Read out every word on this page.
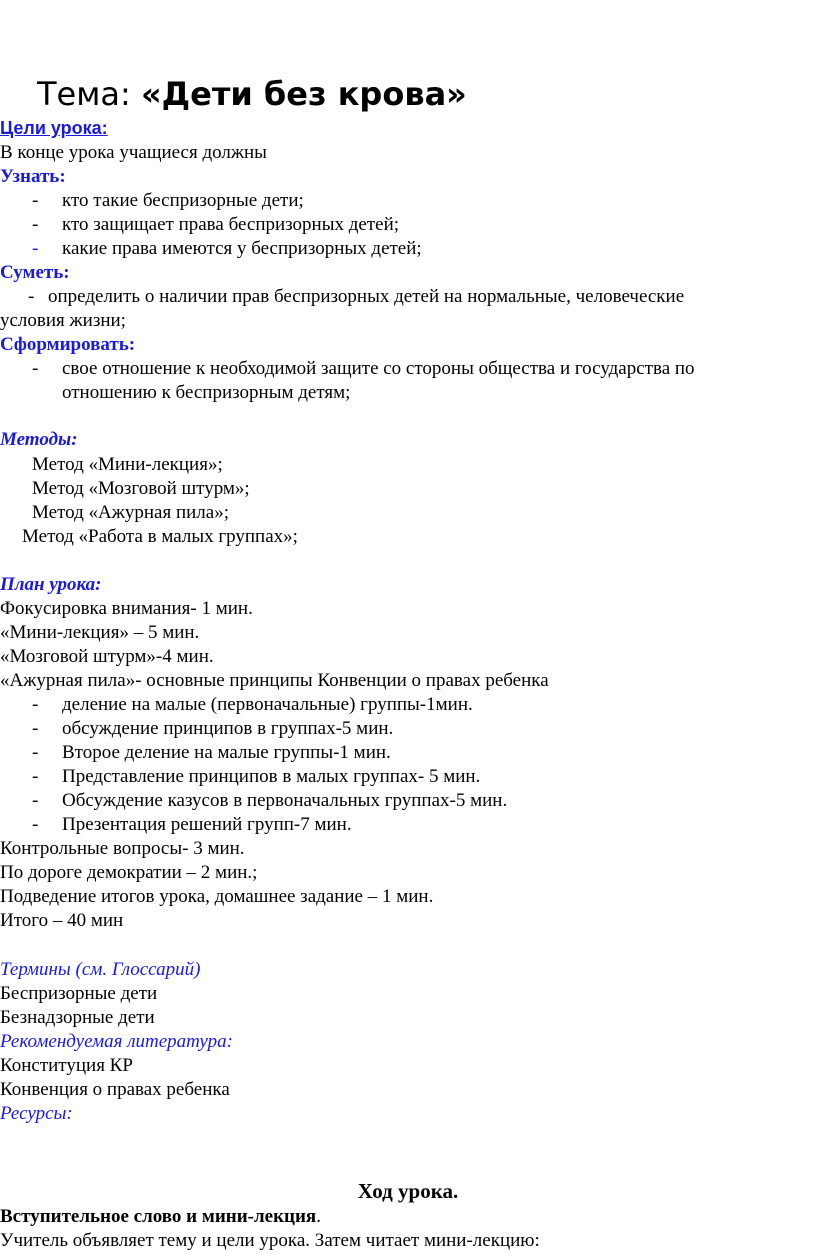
Тема: «Дети без крова»
Цели урока:
В конце урока учащиеся должны
Узнать:
- кто такие беспризорные дети;
- кто защищает права беспризорных детей;
- какие права имеются у беспризорных детей;
Суметь:
- определить о наличии прав беспризорных детей на нормальные, человеческие
условия жизни;
Сформировать:
- свое отношение к необходимой защите со стороны общества и государства по
отношению к беспризорным детям;
Методы:
Метод «Мини-лекция»;
Метод «Мозговой штурм»;
Метод «Ажурная пила»;
Метод «Работа в малых группах»;
План урока:
Фокусировка внимания- 1 мин.
«Мини-лекция» – 5 мин.
«Мозговой штурм»-4 мин.
«Ажурная пила»- основные принципы Конвенции о правах ребенка
- деление на малые (первоначальные) группы-1мин.
- обсуждение принципов в группах-5 мин.
- Второе деление на малые группы-1 мин.
- Представление принципов в малых группах- 5 мин.
- Обсуждение казусов в первоначальных группах-5 мин.
- Презентация решений групп-7 мин.
Контрольные вопросы- 3 мин.
По дороге демократии – 2 мин.;
Подведение итогов урока, домашнее задание – 1 мин.
Итого – 40 мин
Термины (см. Глоссарий)
Беспризорные дети
Безнадзорные дети
Рекомендуемая литература:
Конституция КР
Конвенция о правах ребенка
Ресурсы:
Ход урока.
Вступительное слово и мини-лекция.
Учитель объявляет тему и цели урока. Затем читает мини-лекцию:
